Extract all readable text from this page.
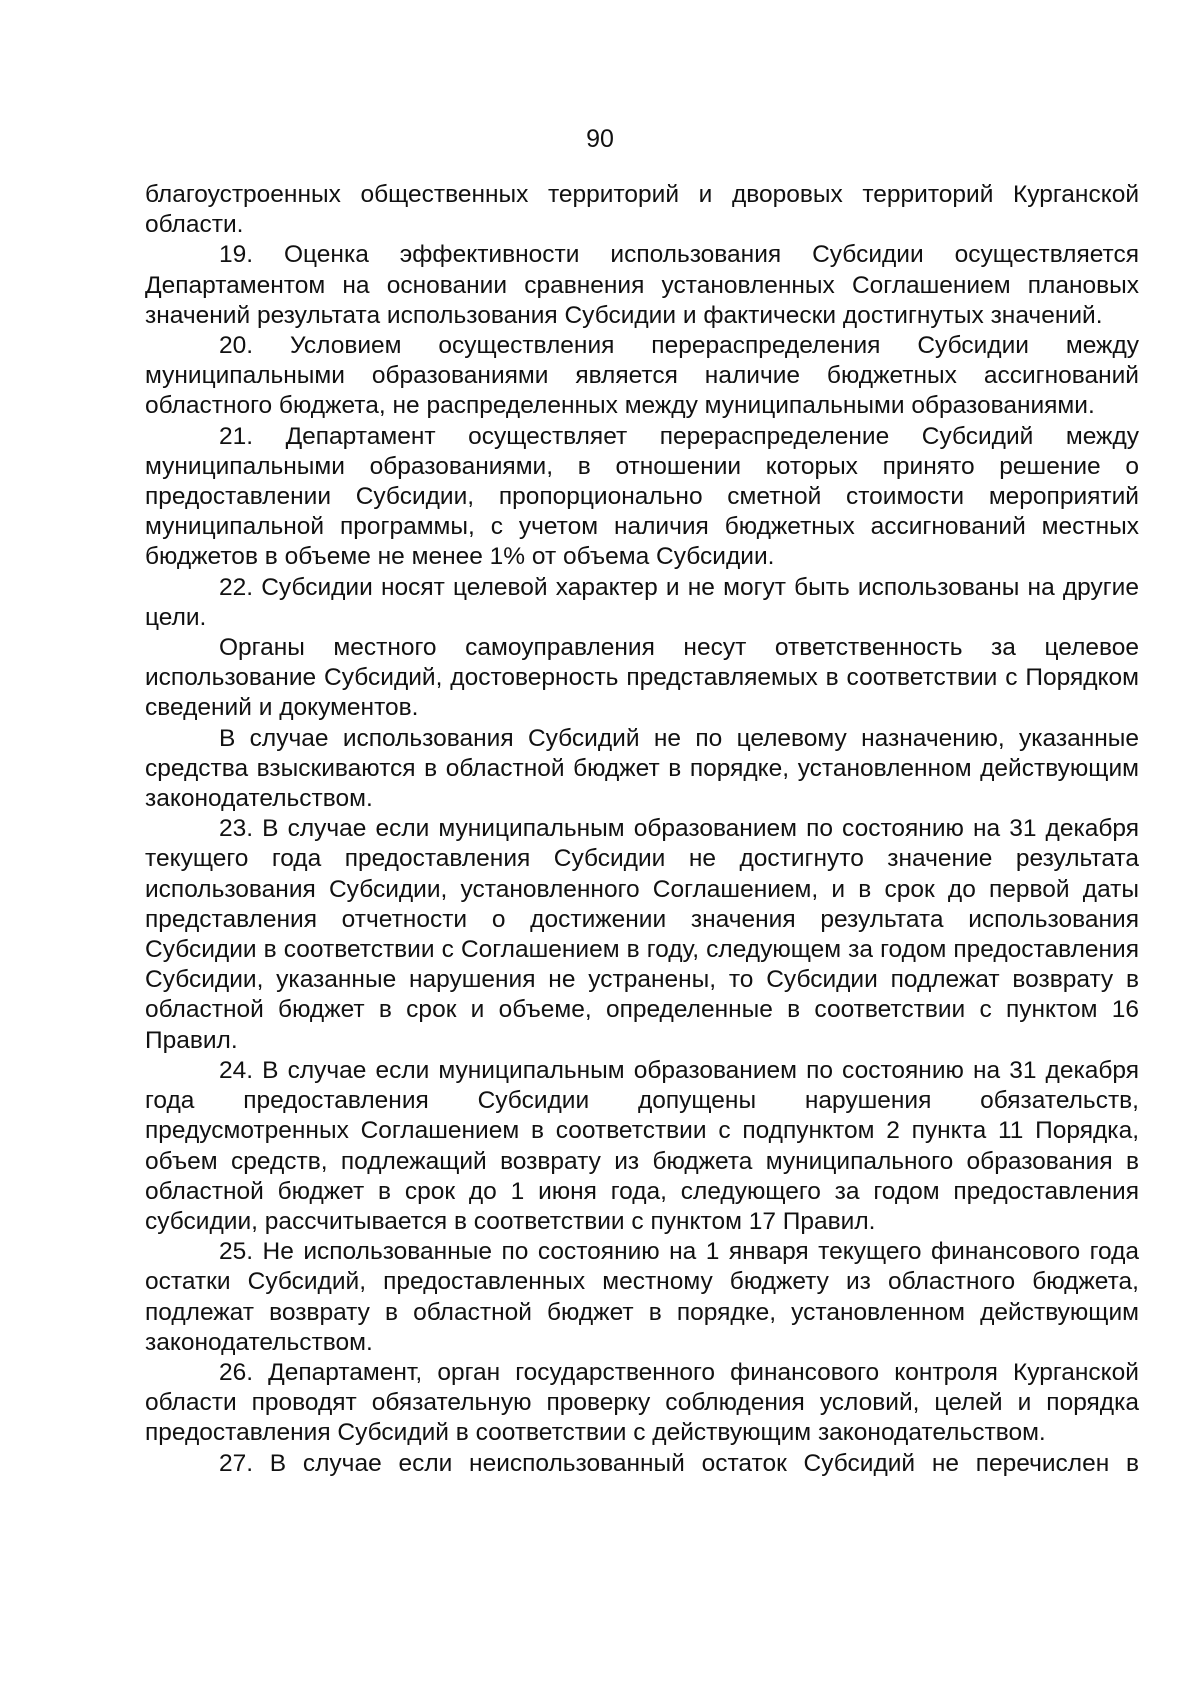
90

благоустроенных общественных территорий и дворовых территорий Курганской области.

19. Оценка эффективности использования Субсидии осуществляется Департаментом на основании сравнения установленных Соглашением плановых значений результата использования Субсидии и фактически достигнутых значений.

20. Условием осуществления перераспределения Субсидии между муниципальными образованиями является наличие бюджетных ассигнований областного бюджета, не распределенных между муниципальными образованиями.

21. Департамент осуществляет перераспределение Субсидий между муниципальными образованиями, в отношении которых принято решение о предоставлении Субсидии, пропорционально сметной стоимости мероприятий муниципальной программы, с учетом наличия бюджетных ассигнований местных бюджетов в объеме не менее 1% от объема Субсидии.

22. Субсидии носят целевой характер и не могут быть использованы на другие цели.

Органы местного самоуправления несут ответственность за целевое использование Субсидий, достоверность представляемых в соответствии с Порядком сведений и документов.

В случае использования Субсидий не по целевому назначению, указанные средства взыскиваются в областной бюджет в порядке, установленном действующим законодательством.

23. В случае если муниципальным образованием по состоянию на 31 декабря текущего года предоставления Субсидии не достигнуто значение результата использования Субсидии, установленного Соглашением, и в срок до первой даты представления отчетности о достижении значения результата использования Субсидии в соответствии с Соглашением в году, следующем за годом предоставления Субсидии, указанные нарушения не устранены, то Субсидии подлежат возврату в областной бюджет в срок и объеме, определенные в соответствии с пунктом 16 Правил.

24. В случае если муниципальным образованием по состоянию на 31 декабря года предоставления Субсидии допущены нарушения обязательств, предусмотренных Соглашением в соответствии с подпунктом 2 пункта 11 Порядка, объем средств, подлежащий возврату из бюджета муниципального образования в областной бюджет в срок до 1 июня года, следующего за годом предоставления субсидии, рассчитывается в соответствии с пунктом 17 Правил.

25. Не использованные по состоянию на 1 января текущего финансового года остатки Субсидий, предоставленных местному бюджету из областного бюджета, подлежат возврату в областной бюджет в порядке, установленном действующим законодательством.

26. Департамент, орган государственного финансового контроля Курганской области проводят обязательную проверку соблюдения условий, целей и порядка предоставления Субсидий в соответствии с действующим законодательством.

27. В случае если неиспользованный остаток Субсидий не перечислен в
